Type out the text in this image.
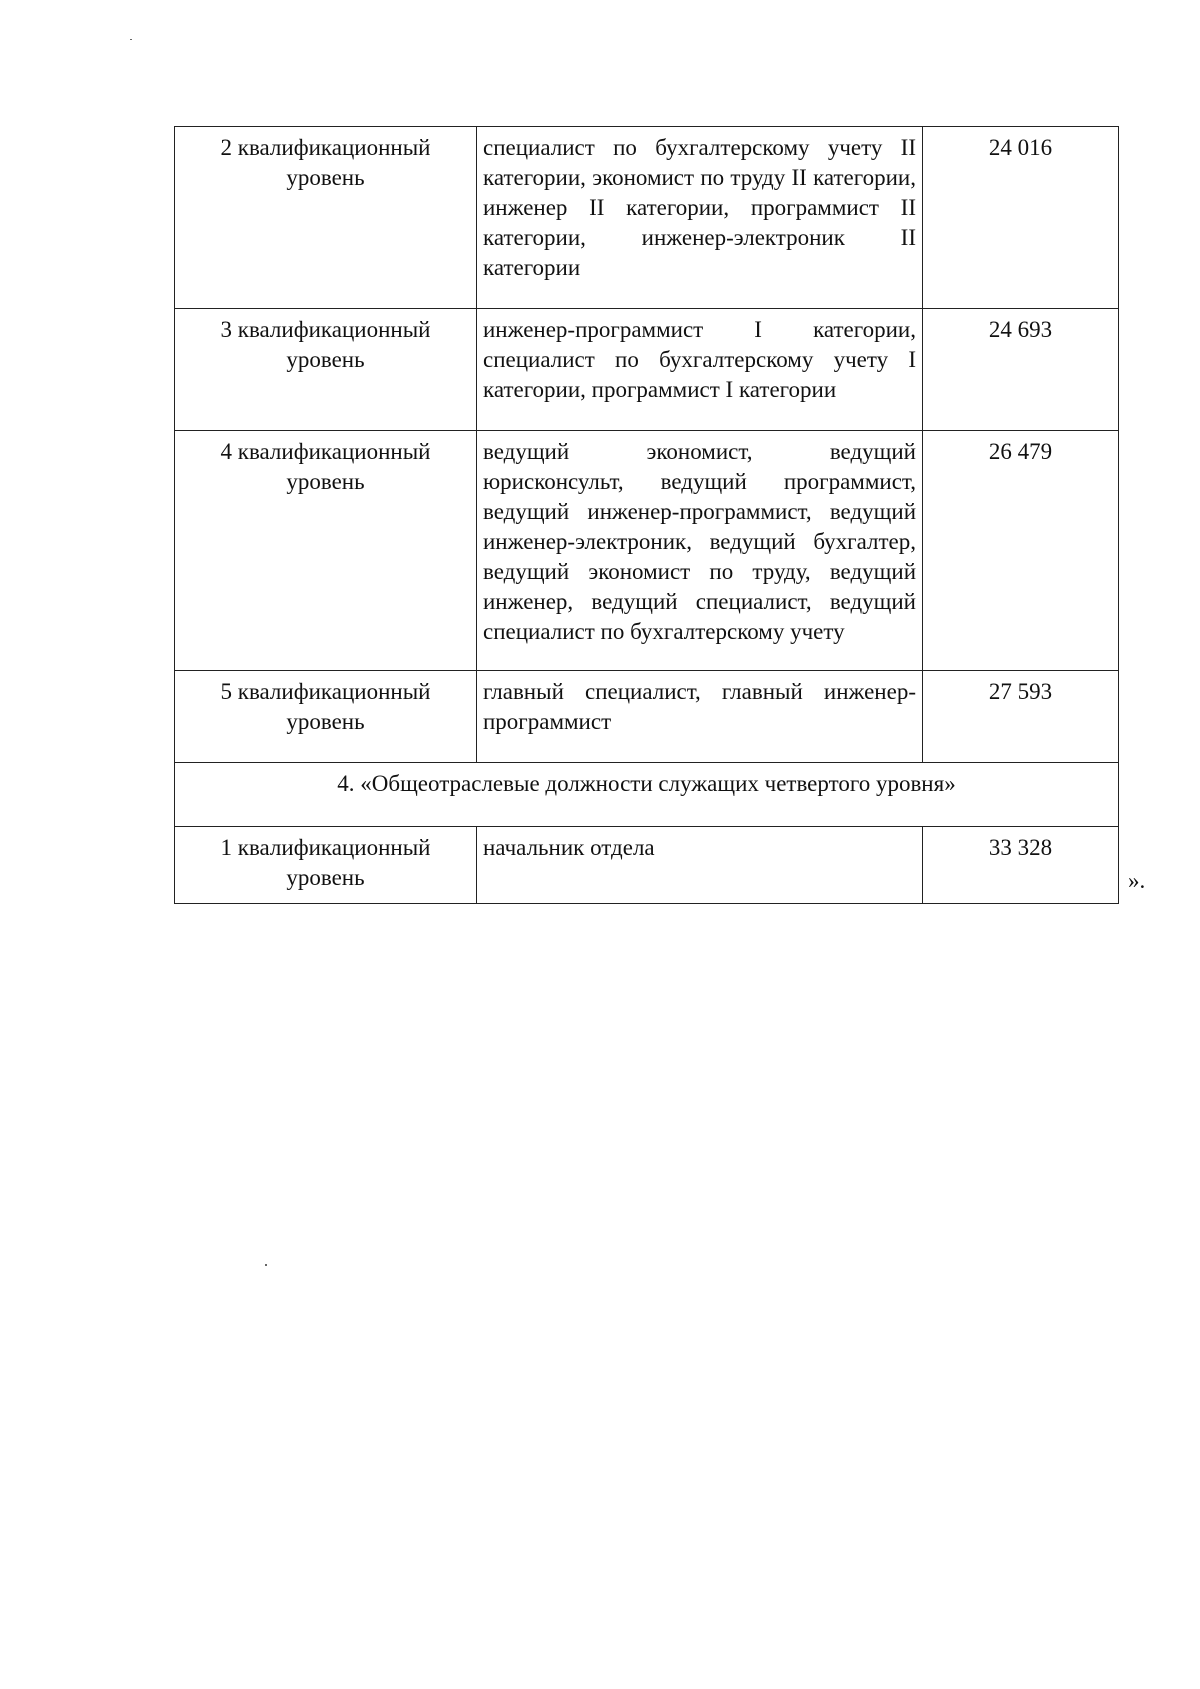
2 квалификационный уровень	специалист по бухгалтерскому учету II категории, экономист по труду II категории, инженер II категории, программист II категории, инженер-электроник II категории	24 016
3 квалификационный уровень	инженер-программист I категории, специалист по бухгалтерскому учету I категории, программист I категории	24 693
4 квалификационный уровень	ведущий экономист, ведущий юрисконсульт, ведущий программист, ведущий инженер-программист, ведущий инженер-электроник, ведущий бухгалтер, ведущий экономист по труду, ведущий инженер, ведущий специалист, ведущий специалист по бухгалтерскому учету	26 479
5 квалификационный уровень	главный специалист, главный инженер-программист	27 593
4. «Общеотраслевые должности служащих четвертого уровня»		
1 квалификационный уровень	начальник отдела	33 328
».
